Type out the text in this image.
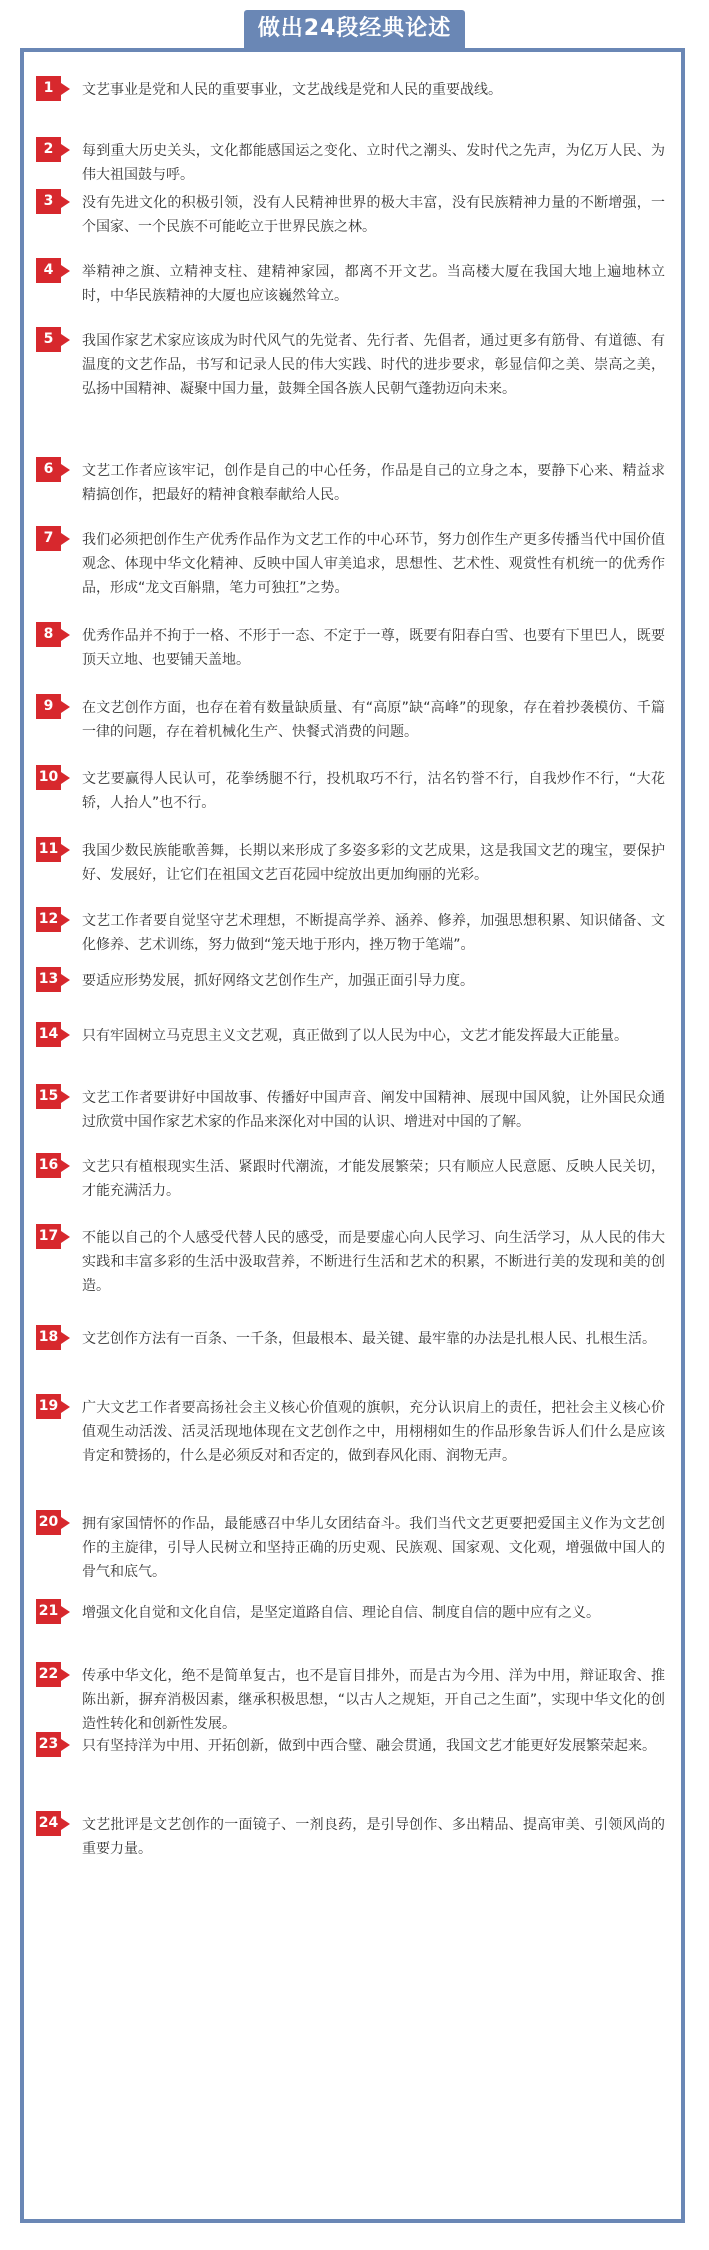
做出24段经典论述
1	文艺事业是党和人民的重要事业，文艺战线是党和人民的重要战线。
2	每到重大历史关头，文化都能感国运之变化、立时代之潮头、发时代之先声，为亿万人民、为伟大祖国鼓与呼。
3	没有先进文化的积极引领，没有人民精神世界的极大丰富，没有民族精神力量的不断增强，一个国家、一个民族不可能屹立于世界民族之林。
4	举精神之旗、立精神支柱、建精神家园，都离不开文艺。当高楼大厦在我国大地上遍地林立时，中华民族精神的大厦也应该巍然耸立。
5	我国作家艺术家应该成为时代风气的先觉者、先行者、先倡者，通过更多有筋骨、有道德、有温度的文艺作品，书写和记录人民的伟大实践、时代的进步要求，彰显信仰之美、崇高之美，弘扬中国精神、凝聚中国力量，鼓舞全国各族人民朝气蓬勃迈向未来。
6	文艺工作者应该牢记，创作是自己的中心任务，作品是自己的立身之本，要静下心来、精益求精搞创作，把最好的精神食粮奉献给人民。
7	我们必须把创作生产优秀作品作为文艺工作的中心环节，努力创作生产更多传播当代中国价值观念、体现中华文化精神、反映中国人审美追求，思想性、艺术性、观赏性有机统一的优秀作品，形成“龙文百斛鼎，笔力可独扛”之势。
8	优秀作品并不拘于一格、不形于一态、不定于一尊，既要有阳春白雪、也要有下里巴人，既要顶天立地、也要铺天盖地。
9	在文艺创作方面，也存在着有数量缺质量、有“高原”缺“高峰”的现象，存在着抄袭模仿、千篇一律的问题，存在着机械化生产、快餐式消费的问题。
10 文艺要赢得人民认可，花拳绣腿不行，投机取巧不行，沽名钓誉不行，自我炒作不行，“大花轿，人抬人”也不行。
11 我国少数民族能歌善舞，长期以来形成了多姿多彩的文艺成果，这是我国文艺的瑰宝，要保护好、发展好，让它们在祖国文艺百花园中绽放出更加绚丽的光彩。
12 文艺工作者要自觉坚守艺术理想，不断提高学养、涵养、修养，加强思想积累、知识储备、文化修养、艺术训练，努力做到“笼天地于形内，挫万物于笔端”。
13 要适应形势发展，抓好网络文艺创作生产，加强正面引导力度。
14 只有牢固树立马克思主义文艺观，真正做到了以人民为中心，文艺才能发挥最大正能量。
15 文艺工作者要讲好中国故事、传播好中国声音、阐发中国精神、展现中国风貌，让外国民众通过欣赏中国作家艺术家的作品来深化对中国的认识、增进对中国的了解。
16 文艺只有植根现实生活、紧跟时代潮流，才能发展繁荣；只有顺应人民意愿、反映人民关切，才能充满活力。
17 不能以自己的个人感受代替人民的感受，而是要虚心向人民学习、向生活学习，从人民的伟大实践和丰富多彩的生活中汲取营养，不断进行生活和艺术的积累，不断进行美的发现和美的创造。
18 文艺创作方法有一百条、一千条，但最根本、最关键、最牢靠的办法是扎根人民、扎根生活。
19 广大文艺工作者要高扬社会主义核心价值观的旗帜，充分认识肩上的责任，把社会主义核心价值观生动活泼、活灵活现地体现在文艺创作之中，用栩栩如生的作品形象告诉人们什么是应该肯定和赞扬的，什么是必须反对和否定的，做到春风化雨、润物无声。
20 拥有家国情怀的作品，最能感召中华儿女团结奋斗。我们当代文艺更要把爱国主义作为文艺创作的主旋律，引导人民树立和坚持正确的历史观、民族观、国家观、文化观，增强做中国人的骨气和底气。
21 增强文化自觉和文化自信，是坚定道路自信、理论自信、制度自信的题中应有之义。
22 传承中华文化，绝不是简单复古，也不是盲目排外，而是古为今用、洋为中用，辩证取舍、推陈出新，摒弃消极因素，继承积极思想，“以古人之规矩，开自己之生面”，实现中华文化的创造性转化和创新性发展。
23 只有坚持洋为中用、开拓创新，做到中西合璧、融会贯通，我国文艺才能更好发展繁荣起来。
24 文艺批评是文艺创作的一面镜子、一剂良药，是引导创作、多出精品、提高审美、引领风尚的重要力量。
